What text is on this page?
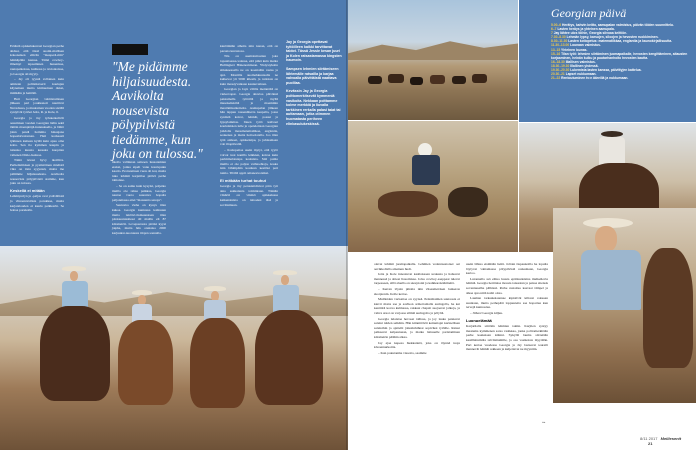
Erääntä opiskelukerrasi Georgian perhe ahdasi, että tässä suomi-mallisen kokonaisen elävän "maaperä-min" lehmäpäiin kanssa. Tämä cowboy-ilmeinyt tapaaminen hunenissa, rautapaikoissa, kuilussa ja raviontoissa, ja Georgia ali myyty.

– Jay oli tyyntä avllainen kuin ammoin poliisikaverit koulujen käyneinen mutta kirmuoinen duksi, mitäkäin ja heittäät.

Heti Georgian valmistumisen jälkeen pari joukkanoit nauttivat Nevadassa, ja muutaman vuoden sisällä syntyivät tyttöet Jetta, R. ja Kole, 6.

Georgia ja Jay työskentelivät aasumisen vuoden Georgian äidin sekä tämän maanpitäjä-hunnuksella, ja lähtö jalan pandi hommia hinaajana hopealaivalonnan. Heti korkeasti tykinsen kuiteen kylää kuin apua oma koita. Sen ilo kymmen kaupin ja tutustua kuusta kaasuta kuopitan valtenen Dixie-laaksoa.

Tämä tuvasi hyvy ikoilliva. Perheileimisen ja pystistöinen mielistä vika on itsin syyjensä, mutta me pidämme hiljaisuudesta. Aavikolta nousevista pölypilvistä otamme, kun joku on tulossa.

Keskellä ei mitään

Lehmiyeriyn ja -paljas ovat ystävällisiä ja viinaanraviäsia porukkaa, mutta karjatalouden ei kuulu palkkatöä. Se hoitaa porukalla.

"Me pidämme hiljaisuudesta. Aavikolta nousevista pölypilvistä tiedämme, kun joku on tulossa."

tikolla vallinnan sainoen luusatamien ereksi, jonka sipeli vanu kasvupuku kaarlo. Erotreuttuen vuon oli koi, mutta tuko lehmät karjatilaa pitävä perhe tahtoisse.

– Se on aamu kuin kysyisi, poljetko muilla ole rahaa paikkaa, Georgia nauraa vuoto saarenva hopalta paljonmassa ettei "maasunta sanoja".

Seutuuva viehe on kyuys tilan kukoa. Georgia kuntuusa kahtuuun mutta leirtävt-lismaanstsan tilan pitoisuuniasikasi 40 mailla eli 87 kilometriä. Lovepasvesta pitäisi kyysi jaipha, mutta hän onnistua 2000 karjuuksi-nuoruusta tilojen sonnalla.

kiertämään alheita niin kanan, että on parasta kuvastosa.

Tila on asemalaitostien joka topaattaessa-valessa, että pitkä kuin matka Hellingieri Hänenominaan. Yhdystyksiin sitkaksessalla ne on koentaliin rastas ja ajoi. Montilla auomahkuutealla ne kulkevat yli 5000 kilesiä, ja rutioista on kuin maastyvaikaan kaunuvatinen.

Georgian ja Jayn välilla meinnältä on vieleovapat. Georgia ahavtaa päivänsä paistamalla tyttöillä ja Jayllä musokelukiltä ja maammin ileretämisaikoitetta. Aamupalan jälkeen hän lappuu rousenäherra keapalta, jossa syntistä koirat, lehmät, possut ja lypsylammas. Itteen tyttö kahvaat koululaisien tulle ja opetelettaan Georgian johdolla maasmatematiikaa, englantia, seokenaa ja matta hoitoolatalla. Joo tilan tytti anlkaat, opiskeleipu, ja juhlaamaan voit iltapäivallä.

– Kotiopettaa usein mytyi, että tyytö voivat tuoi kanilla leikkien, koiraa kuin perimmalaisiapa keulaista. Sitä puitte muilla ei ole paljon vaihtoehtoja, koska isän lähimpään kouluun kesttäsi pari tuntia. Tilällä oppii omaneuvoisiksi.

Ei mitkään turhat touhut

Georgia ja Jay perustettdiuvat pärn tytt aina sukkalenta toimintaan. Tänään viisäriä on viisikä opikkelussa kaikenalaista on taitoeksi täsä ja sovittamuan.

Jay ja Georgia opettavat tyttöilleen kaikki tarvittavat taidot. Tässä Jessie kesan juuri ja Kolen ratsastamassa kingsten haumoin.

Sampsen lehmien siirtämiseen lähtemälle ratsailla ja karjaa valvoalla päivittäistä naattava puolilaa.

Kevässin Jay ja Georgia polttomerkitsevät kymmeniä vasikoita. Nekkaan polttamme kolme merkkiä ja liuvalla tarkkinen rerkalla palasi taiat tai auttamaan, jotka otimmen huomatasta periheen elinkasulukeskissä.

Georgian päivä
5.00–6 Herätys, kahvin keitto, aamupalan valmistus, päivän töiden suunnittelu.
6–7 Lasten heräys ja yhteinen aamupala.
7 Jay lähtee ulos töihin, Georgia siivoaa keittiön.
7.30–8.30 Lehmän lypsy, karsujen, siloojen ja hevosten ruokkiminen.
8.30–11.30 Lasten kotiopetus: matematiikkaa, englantia ja kaunokirjallisuutta.
11.30–13.00 Lounaan valmistus.
13–15 Yhteinen lounas.
15–16 Tilan työt: lehmien siirtäminen juomapaikalle, hevosten kengittäminen, aitausten korjaaminen, heinän kulku ja puutarhanhoito hevosten kautta.
16–18.30 Illallisen valmistus.
18.30–19.30 Illallinen yhdessä.
19.30–20.30 Lukemista lasten kanssa, päivittyjen kattelua.
20.30–21 Lapset nukkumaan.
21–22 Rentoutuminen tv:n ääreillä ja nukkumaan.

olevat lehmät juomapaikalle. Lehmien vedenraastoiset oat aavikkollalla ainainen hudi.

Jetta ja Kole innostuvat kasilsissaan urakasta ja haluavat mennessä ja sitteet lisuomisaa. Jolsa cowboy-saappaat tulevat tarpeeseen, sillä aluella on skorpionit ja kalkkarokäärmeitä.

– Kerran löysin pihalta niin viisasmetrisen lonkeron skorpionin. Kolle kertoo.

Muilleiden varisattaa on syynsä. Pelasihaimen suutaosta ei kievrt matta saa ja aavikon armottomalla auringolla, he kat kenttiirä kovaa kulmassa, rakkaat chapsit suojaavat jalkoja, ja vahva ursot on varjossa silmiä auringolta ja pölyltä.

Georgia tulaistaa hevoset tallissa, ja joy lauka pannavat satulat niiden selkään. Hän kiinnittävät keinuttajat karinellisen satuloihin ja ajattelit jalustinhihnat sopiviksi tytöille. Ratsut palkaavat kalpeutuaan, ja matka lattuuelle paristaminen kilometrin päähän alkaa.

Jay ajaa kapeaa hiekkatietä, joka on täynnä tuoja kiveennurkoitta.

– Kun pokutanme viesotta, saamme

usein lähtea etsimään heitä. Joltain tiupaukoilla he lopulta löytyvat vahtamassa pölypilvistä reskuinaan, Georgia kertoo.

Lutonnella ssä eiltua luusta epäilaudeisina mulkeilevia lehmiä. Georgia herittaisa mossia tanssalan ja paissa sitensis sovennusalhe pälhissä. Perhe rustattua kasvaat tämpel ja alkaa ajaa niitä kohti ottaa.

Lauman tarkaaksiaannae kipistivät kiliotat rokuaan suuntaan, mutta perhepäät loppuutetta saa hopartua kun tervejä kunnostua.

– Jiihaa! Georgia kiljuu.

Luonuelämää

Karjatilalla siirtään lehmien takiin. Karjtien syntyy maatuma kymmenen sarsa vasikkaa, jonka polttomerkitään perhe kaaksiaan kiiinni. Sykyllä lauma siirretään kesällaitumilta talvilaitumille, ja osa vasikoista myydään. Pari kertaa vuodessa Georgia ja Jay lastaavat teurailt mennevät lehmät rekkaan ja kuljettavat ne myyntiin.

»»
8/11 2017 Meillesenit 21
